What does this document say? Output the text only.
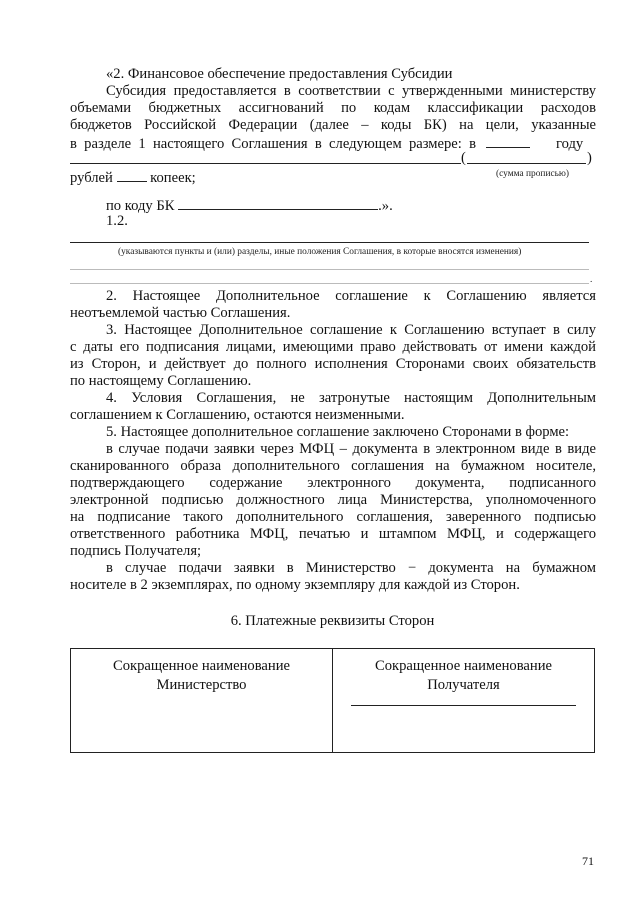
«2. Финансовое обеспечение предоставления Субсидии
Субсидия предоставляется в соответствии с утвержденными министерству
объемами бюджетных ассигнований по кодам классификации расходов
бюджетов Российской Федерации (далее – коды БК) на цели, указанные
в разделе 1 настоящего Соглашения в следующем размере: в	году
(	)
рублей	копеек;	(сумма прописью)
по коду БК	.».
1.2.
(указываются пункты и (или) разделы, иные положения Соглашения, в которые вносятся изменения)
.
2. Настоящее Дополнительное соглашение к Соглашению является
неотъемлемой частью Соглашения.
3. Настоящее Дополнительное соглашение к Соглашению вступает в силу
с даты его подписания лицами, имеющими право действовать от имени каждой
из Сторон, и действует до полного исполнения Сторонами своих обязательств
по настоящему Соглашению.
4. Условия Соглашения, не затронутые настоящим Дополнительным
соглашением к Соглашению, остаются неизменными.
5. Настоящее дополнительное соглашение заключено Сторонами в форме:
в случае подачи заявки через МФЦ – документа в электронном виде в виде
сканированного образа дополнительного соглашения на бумажном носителе,
подтверждающего содержание электронного документа, подписанного
электронной подписью должностного лица Министерства, уполномоченного
на подписание такого дополнительного соглашения, заверенного подписью
ответственного работника МФЦ, печатью и штампом МФЦ, и содержащего
подпись Получателя;
в случае подачи заявки в Министерство − документа на бумажном
носителе в 2 экземплярах, по одному экземпляру для каждой из Сторон.
6. Платежные реквизиты Сторон
Сокращенное наименование
Министерство

Сокращенное наименование
Получателя
71
